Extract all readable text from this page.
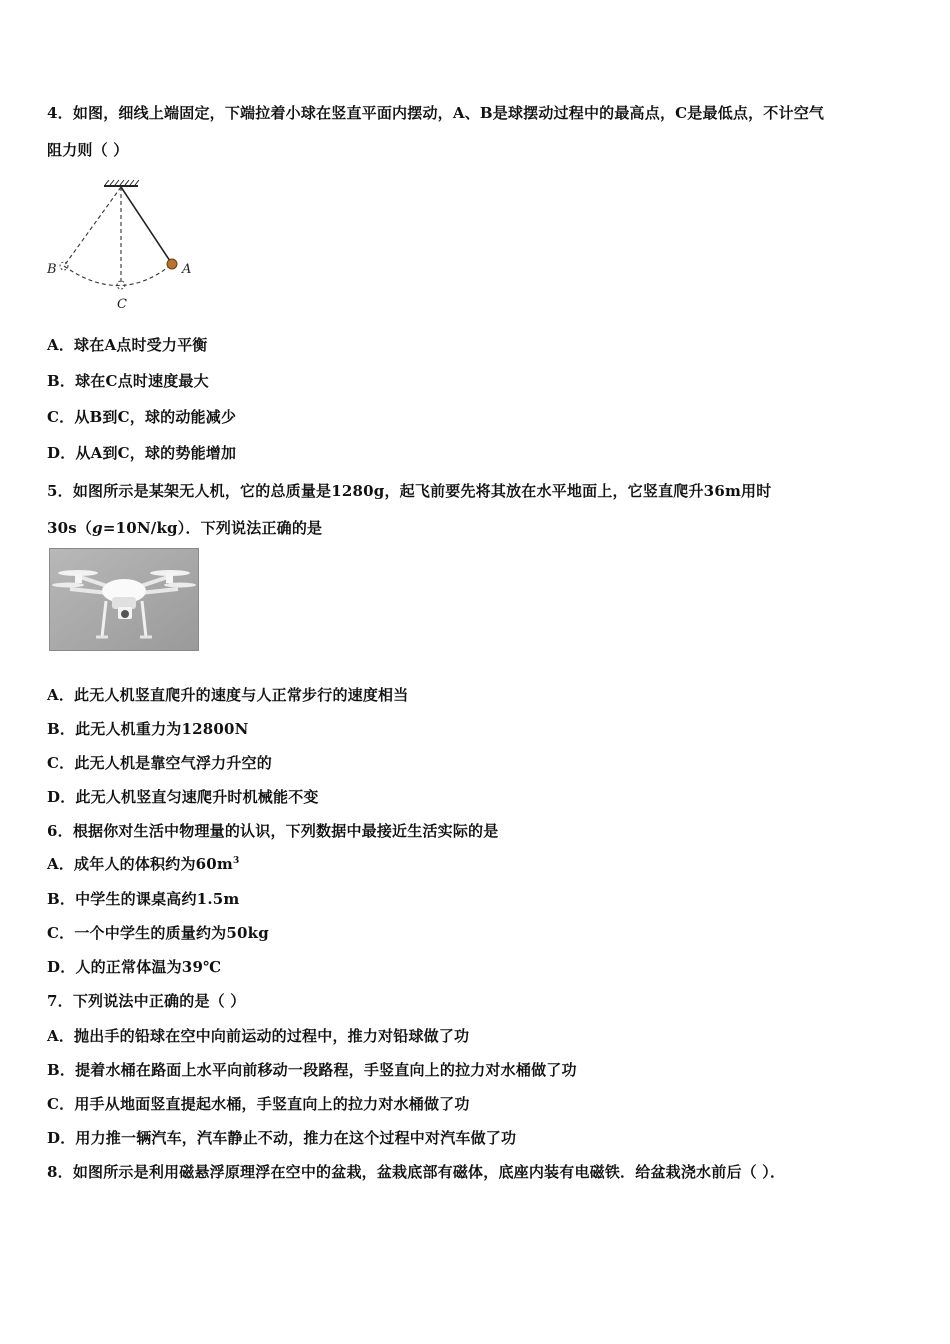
4．如图，细线上端固定，下端拉着小球在竖直平面内摆动，A、B是球摆动过程中的最高点，C是最低点，不计空气
阻力则（ ）
A
B
C
A．球在A点时受力平衡
B．球在C点时速度最大
C．从B到C，球的动能减少
D．从A到C，球的势能增加
5．如图所示是某架无人机，它的总质量是1280g，起飞前要先将其放在水平地面上，它竖直爬升36m用时
30s（g=10N/kg）．下列说法正确的是
A．此无人机竖直爬升的速度与人正常步行的速度相当
B．此无人机重力为12800N
C．此无人机是靠空气浮力升空的
D．此无人机竖直匀速爬升时机械能不变
6．根据你对生活中物理量的认识，下列数据中最接近生活实际的是
A．成年人的体积约为$60m^3$
B．中学生的课桌高约1.5m
C．一个中学生的质量约为50kg
D．人的正常体温为39℃
7．下列说法中正确的是（ ）
A．抛出手的铅球在空中向前运动的过程中，推力对铅球做了功
B．提着水桶在路面上水平向前移动一段路程，手竖直向上的拉力对水桶做了功
C．用手从地面竖直提起水桶，手竖直向上的拉力对水桶做了功
D．用力推一辆汽车，汽车静止不动，推力在这个过程中对汽车做了功
8．如图所示是利用磁悬浮原理浮在空中的盆栽，盆栽底部有磁体，底座内装有电磁铁．给盆栽浇水前后（ ）．
